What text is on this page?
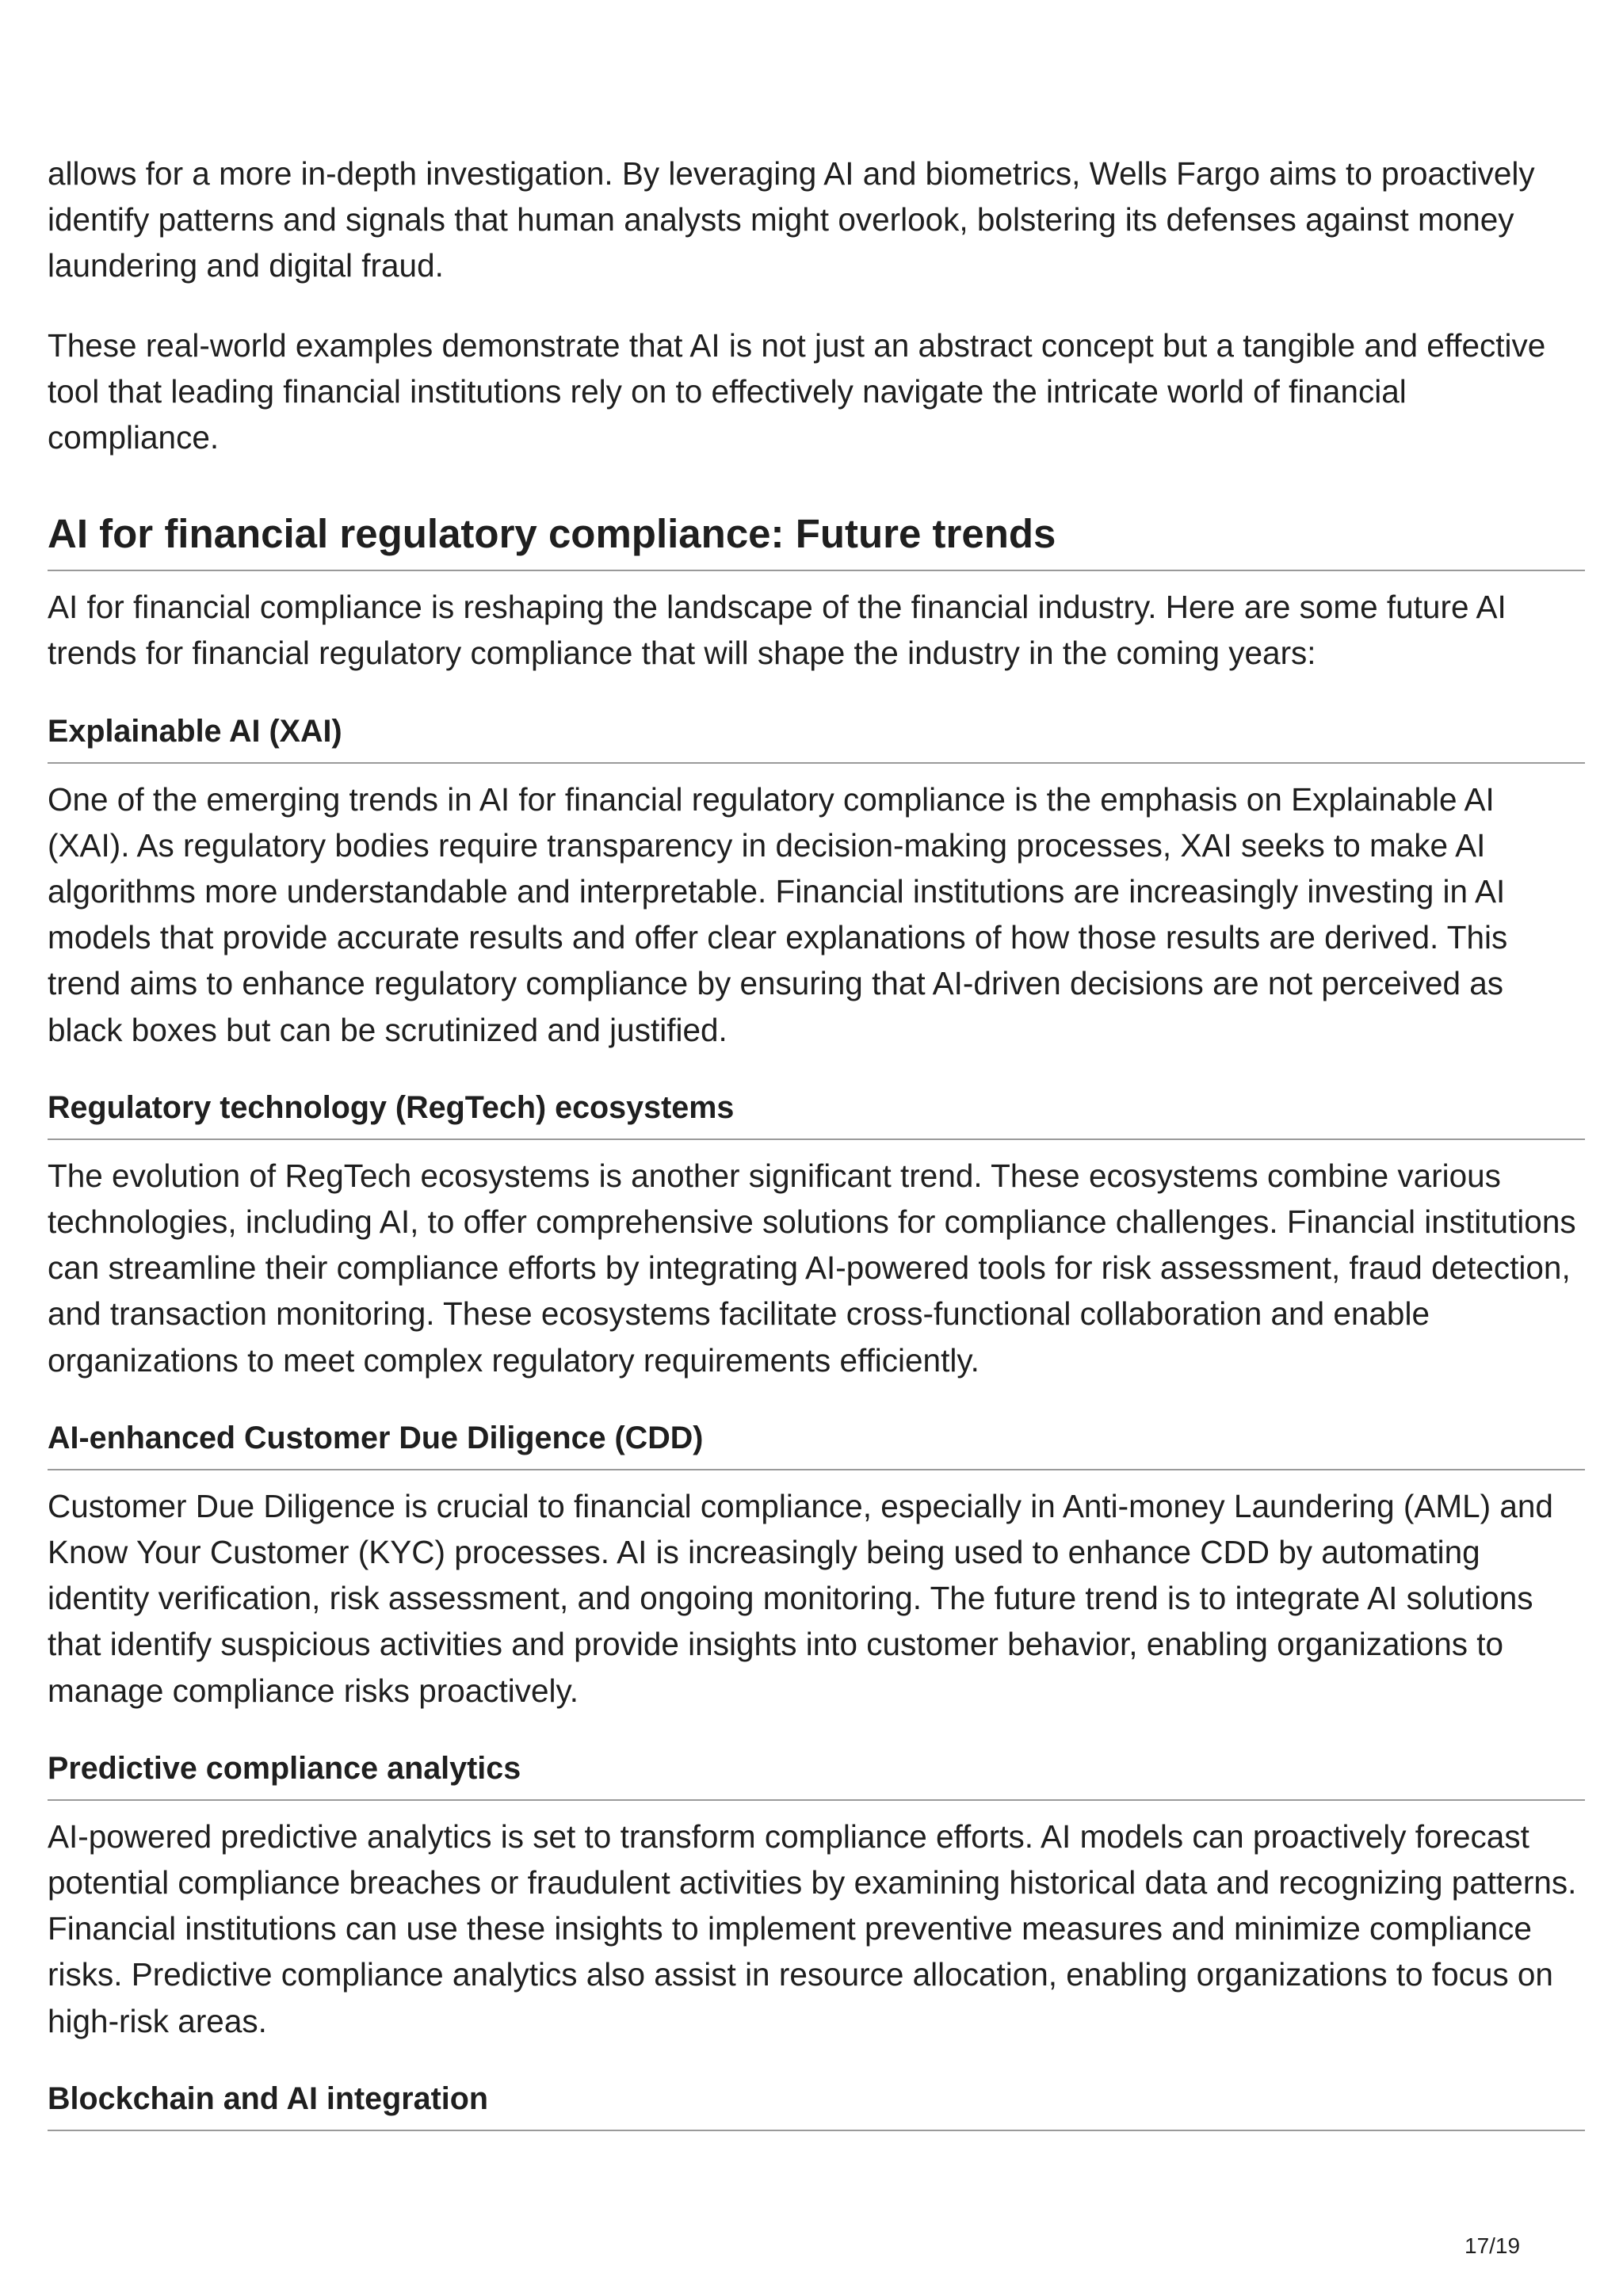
allows for a more in-depth investigation. By leveraging AI and biometrics, Wells Fargo aims to proactively identify patterns and signals that human analysts might overlook, bolstering its defenses against money laundering and digital fraud.

These real-world examples demonstrate that AI is not just an abstract concept but a tangible and effective tool that leading financial institutions rely on to effectively navigate the intricate world of financial compliance.

AI for financial regulatory compliance: Future trends

AI for financial compliance is reshaping the landscape of the financial industry. Here are some future AI trends for financial regulatory compliance that will shape the industry in the coming years:

Explainable AI (XAI)

One of the emerging trends in AI for financial regulatory compliance is the emphasis on Explainable AI (XAI). As regulatory bodies require transparency in decision-making processes, XAI seeks to make AI algorithms more understandable and interpretable. Financial institutions are increasingly investing in AI models that provide accurate results and offer clear explanations of how those results are derived. This trend aims to enhance regulatory compliance by ensuring that AI-driven decisions are not perceived as black boxes but can be scrutinized and justified.

Regulatory technology (RegTech) ecosystems

The evolution of RegTech ecosystems is another significant trend. These ecosystems combine various technologies, including AI, to offer comprehensive solutions for compliance challenges. Financial institutions can streamline their compliance efforts by integrating AI-powered tools for risk assessment, fraud detection, and transaction monitoring. These ecosystems facilitate cross-functional collaboration and enable organizations to meet complex regulatory requirements efficiently.

AI-enhanced Customer Due Diligence (CDD)

Customer Due Diligence is crucial to financial compliance, especially in Anti-money Laundering (AML) and Know Your Customer (KYC) processes. AI is increasingly being used to enhance CDD by automating identity verification, risk assessment, and ongoing monitoring. The future trend is to integrate AI solutions that identify suspicious activities and provide insights into customer behavior, enabling organizations to manage compliance risks proactively.

Predictive compliance analytics

AI-powered predictive analytics is set to transform compliance efforts. AI models can proactively forecast potential compliance breaches or fraudulent activities by examining historical data and recognizing patterns. Financial institutions can use these insights to implement preventive measures and minimize compliance risks. Predictive compliance analytics also assist in resource allocation, enabling organizations to focus on high-risk areas.

Blockchain and AI integration
17/19
